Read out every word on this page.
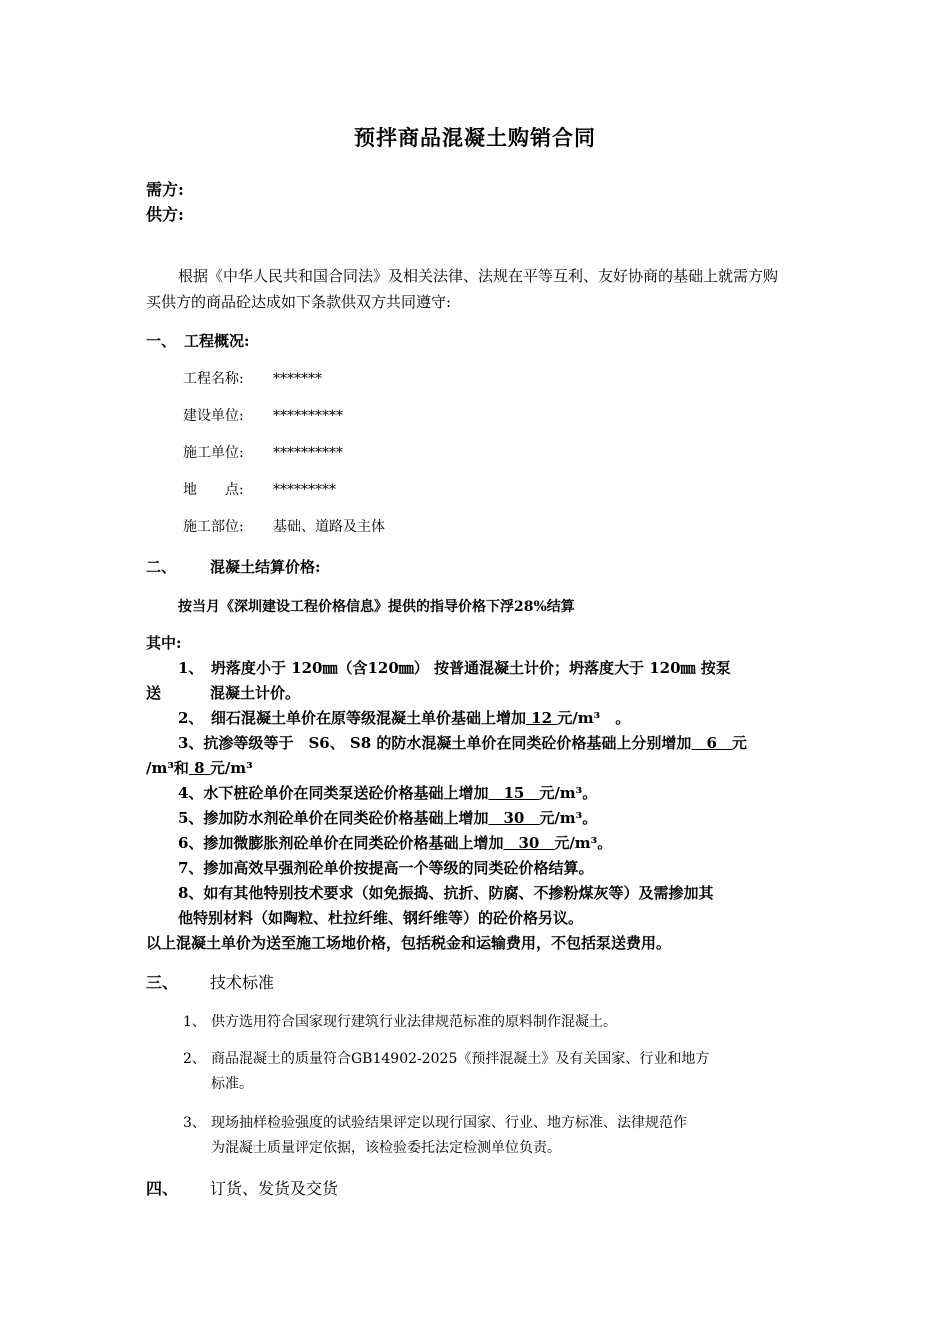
预拌商品混凝土购销合同
需方:
供方:
根据《中华人民共和国合同法》及相关法律、法规在平等互利、友好协商的基础上就需方购买供方的商品砼达成如下条款供双方共同遵守:
一、 工程概况:
工程名称: *******
建设单位: **********
施工单位: **********
地　　点: *********
施工部位: 基础、道路及主体
二、 混凝土结算价格:
按当月《深圳建设工程价格信息》提供的指导价格下浮28%结算
其中:
1、　坍落度小于 120㎜（含120㎜） 按普通混凝土计价；坍落度大于 120㎜ 按泵
送	混凝土计价。
2、　细石混凝土单价在原等级混凝土单价基础上增加 12 元/m³　。
3、抗渗等级等于　S6、 S8 的防水混凝土单价在同类砼价格基础上分别增加　6　元
/m³和 8 元/m³
4、水下桩砼单价在同类泵送砼价格基础上增加　15　元/m³。
5、掺加防水剂砼单价在同类砼价格基础上增加　30　元/m³。
6、掺加微膨胀剂砼单价在同类砼价格基础上增加　30　元/m³。
7、掺加高效早强剂砼单价按提高一个等级的同类砼价格结算。
8、如有其他特别技术要求（如免振捣、抗折、防腐、不掺粉煤灰等）及需掺加其
他特别材料（如陶粒、杜拉纤维、钢纤维等）的砼价格另议。
以上混凝土单价为送至施工场地价格，包括税金和运输费用，不包括泵送费用。
三、 技术标准
1、 供方选用符合国家现行建筑行业法律规范标准的原料制作混凝土。
2、 商品混凝土的质量符合GB14902-2025《预拌混凝土》及有关国家、行业和地方
标准。
3、 现场抽样检验强度的试验结果评定以现行国家、行业、地方标准、法律规范作
为混凝土质量评定依据，该检验委托法定检测单位负责。
四、 订货、发货及交货
